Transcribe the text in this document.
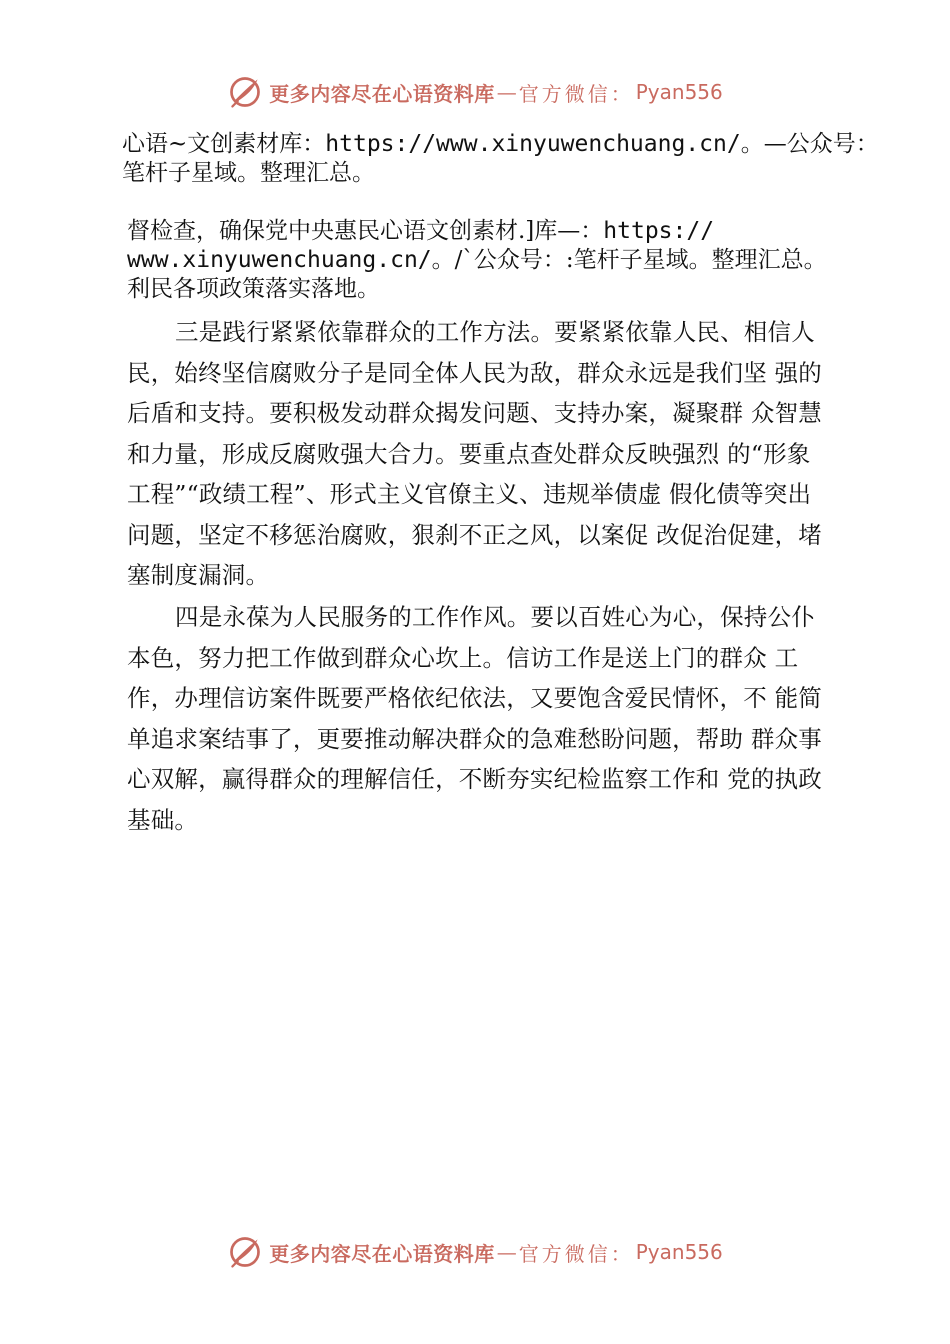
更多内容尽在心语资料库 — 官方微信： Pyan556
心语~文创素材库：https://www.xinyuwenchuang.cn/。—公众号：
笔杆子星域。整理汇总。
督检查，确保党中央惠民心语文创素材.]库—：https://
www.xinyuwenchuang.cn/。/`公众号：:笔杆子星域。整理汇总。
利民各项政策落实落地。
三是践行紧紧依靠群众的工作方法。要紧紧依靠人民、相信人民，始终坚信腐败分子是同全体人民为敌，群众永远是我们坚 强的后盾和支持。要积极发动群众揭发问题、支持办案，凝聚群 众智慧和力量，形成反腐败强大合力。要重点查处群众反映强烈 的“形象工程”“政绩工程”、形式主义官僚主义、违规举债虚 假化债等突出问题，坚定不移惩治腐败，狠刹不正之风，以案促 改促治促建，堵塞制度漏洞。
四是永葆为人民服务的工作作风。要以百姓心为心，保持公仆本色，努力把工作做到群众心坎上。信访工作是送上门的群众 工作，办理信访案件既要严格依纪依法，又要饱含爱民情怀，不 能简单追求案结事了，更要推动解决群众的急难愁盼问题，帮助 群众事心双解，赢得群众的理解信任，不断夯实纪检监察工作和 党的执政基础。
更多内容尽在心语资料库 — 官方微信： Pyan556
